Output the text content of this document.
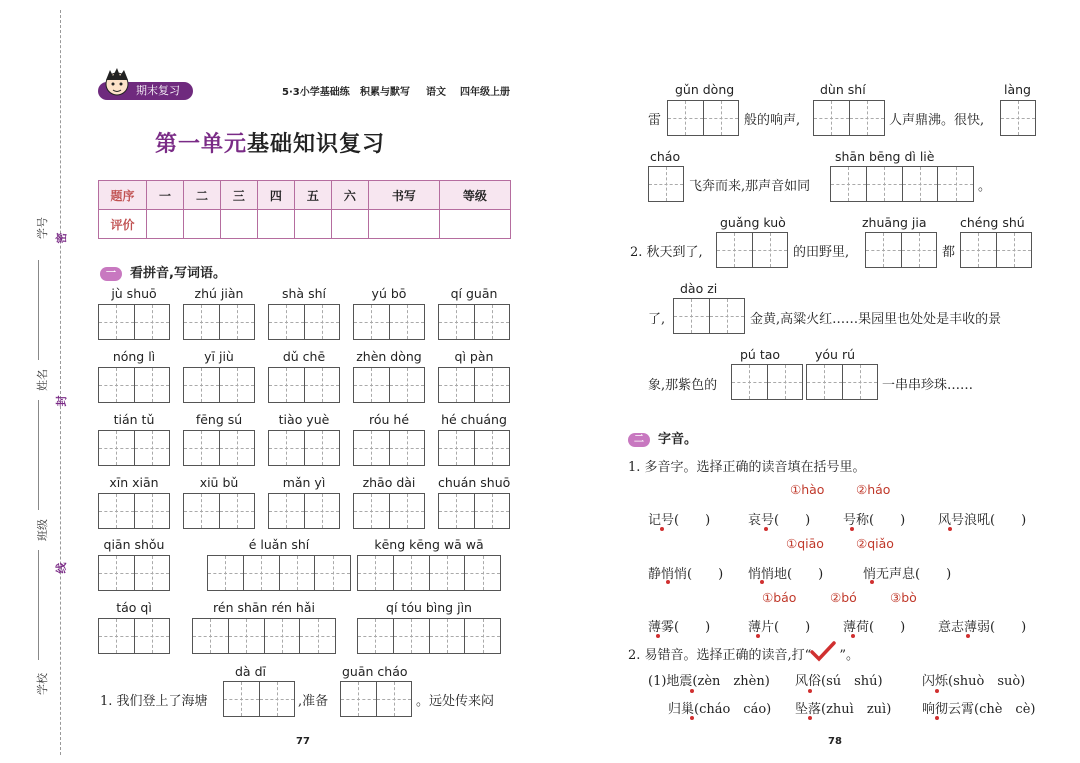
学号
姓名
班级
学校
密
封
线
期末复习	5·3小学基础练 积累与默写 语文 四年级上册
第一单元基础知识复习
题序	一	二	三	四	五	六	书写	等级
评价								
一 看拼音,写词语。
jù shuō	zhú jiàn	shà shí	yú bō	qí guān
nóng lì	yī jiù	dǔ chē	zhèn dòng	qì pàn
tián tǔ	fēng sú	tiào yuè	róu hé	hé chuáng
xīn xiān	xiū bǔ	mǎn yì	zhāo dài	chuán shuō
qiān shǒu	é luǎn shí	kēng kēng wā wā
táo qì	rén shān rén hǎi	qí tóu bìng jìn
dà dī	guān cháo
1. 我们登上了海塘	,准备	。远处传来闷
77
gǔn dòng	dùn shí	làng
雷	般的响声,	人声鼎沸。很快,
cháo	shān bēng dì liè
飞奔而来,那声音如同	。
guǎng kuò	zhuāng jia	chéng shú
2. 秋天到了,	的田野里,	都
dào zi
了,	金黄,高粱火红……果园里也处处是丰收的景
pú tao	yóu rú
象,那紫色的	一串串珍珠……
二 字音。
1. 多音字。选择正确的读音填在括号里。
①hào	②háo
记号(　　)	哀号(　　)	号称(　　)	风号浪吼(　　)
①qiāo	②qiǎo
静悄悄(　　) 悄悄地(　　)	悄无声息(　　)
①báo	②bó	③bò
薄雾(　　)	薄片(　　)	薄荷(　　)	意志薄弱(　　)
2. 易错音。选择正确的读音,打“ ”。
(1)地震(zèn　zhèn) 风俗(sú　shú)	闪烁(shuò　suò)
归巢(cháo　cáo) 坠落(zhuì　zuì) 响彻云霄(chè　cè)
78
